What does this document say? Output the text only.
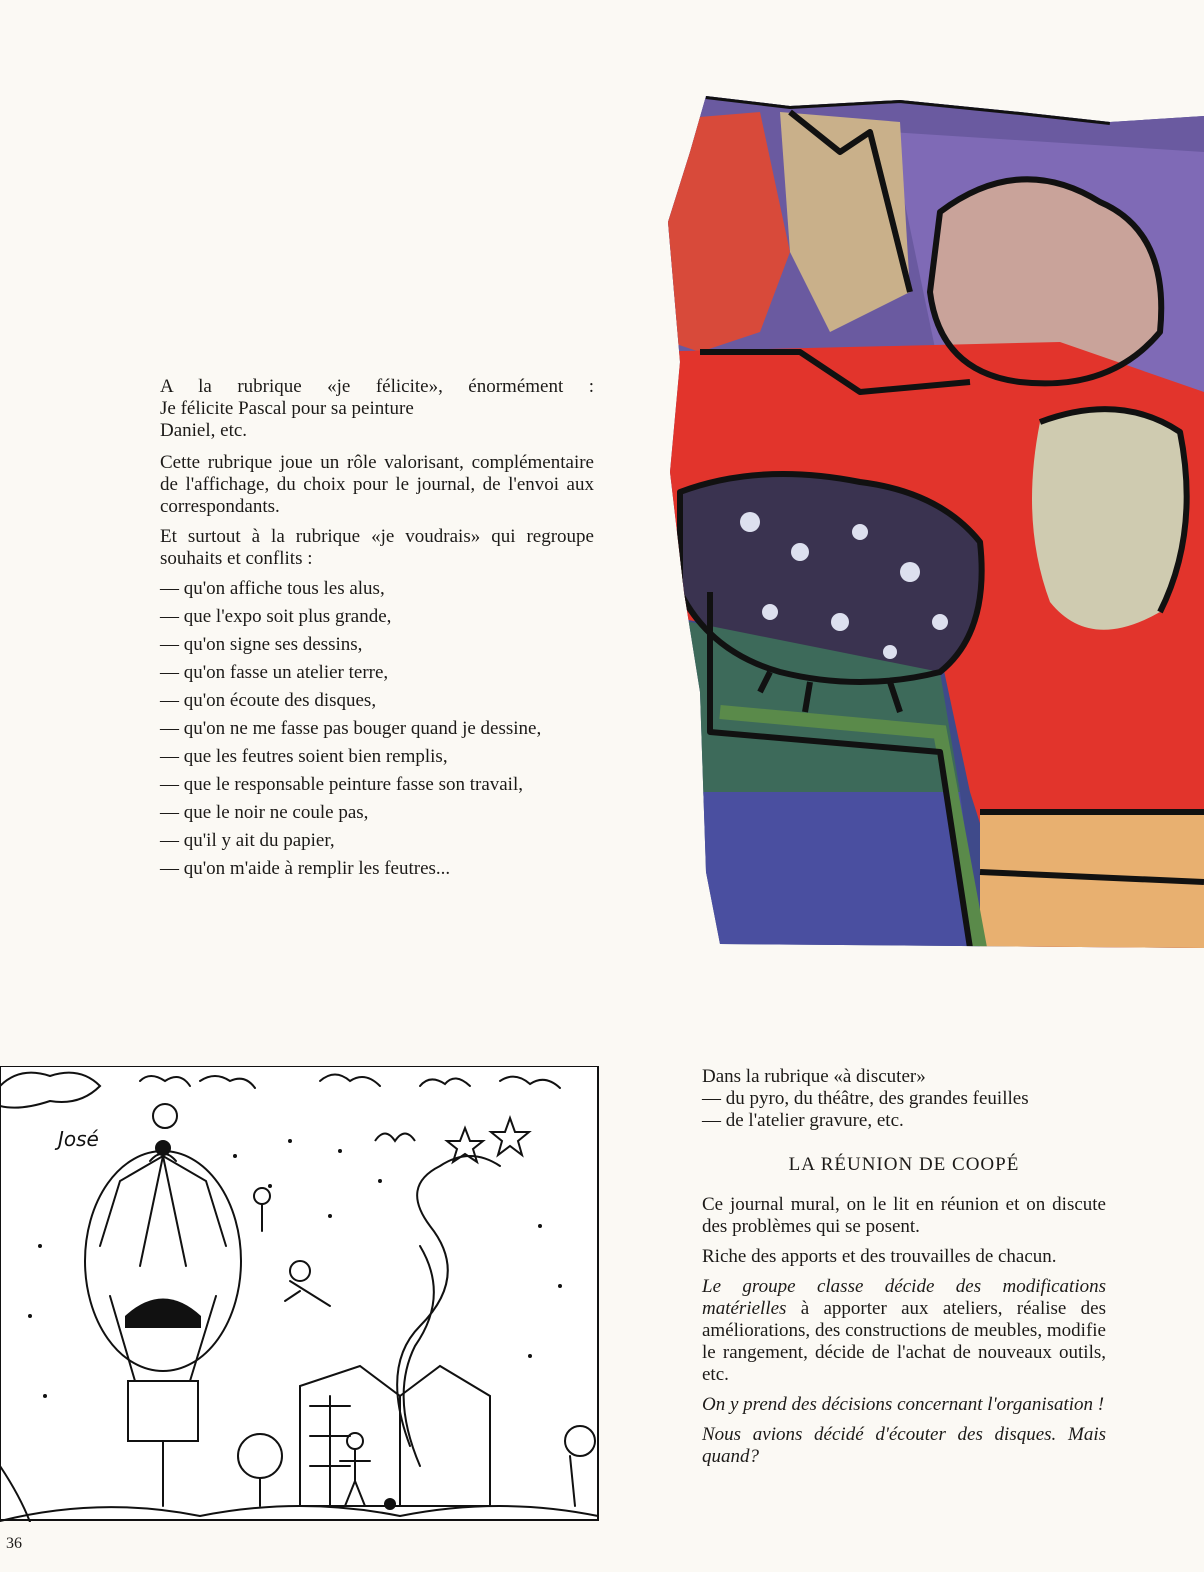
A la rubrique «je félicite», énormément :
Je félicite Pascal pour sa peinture
Daniel, etc.

Cette rubrique joue un rôle valorisant, complémentaire de l'affichage, du choix pour le journal, de l'envoi aux correspondants.

Et surtout à la rubrique «je voudrais» qui regroupe souhaits et conflits :

— qu'on affiche tous les alus,
— que l'expo soit plus grande,
— qu'on signe ses dessins,
— qu'on fasse un atelier terre,
— qu'on écoute des disques,
— qu'on ne me fasse pas bouger quand je dessine,
— que les feutres soient bien remplis,
— que le responsable peinture fasse son travail,
— que le noir ne coule pas,
— qu'il y ait du papier,
— qu'on m'aide à remplir les feutres...
José
Dans la rubrique «à discuter»
— du pyro, du théâtre, des grandes feuilles
— de l'atelier gravure, etc.
LA RÉUNION DE COOPÉ

Ce journal mural, on le lit en réunion et on discute des problèmes qui se posent.

Riche des apports et des trouvailles de chacun.

Le groupe classe décide des modifications matérielles à apporter aux ateliers, réalise des améliorations, des constructions de meubles, modifie le rangement, décide de l'achat de nouveaux outils, etc.

On y prend des décisions concernant l'organisation !

Nous avions décidé d'écouter des disques. Mais quand?

36
